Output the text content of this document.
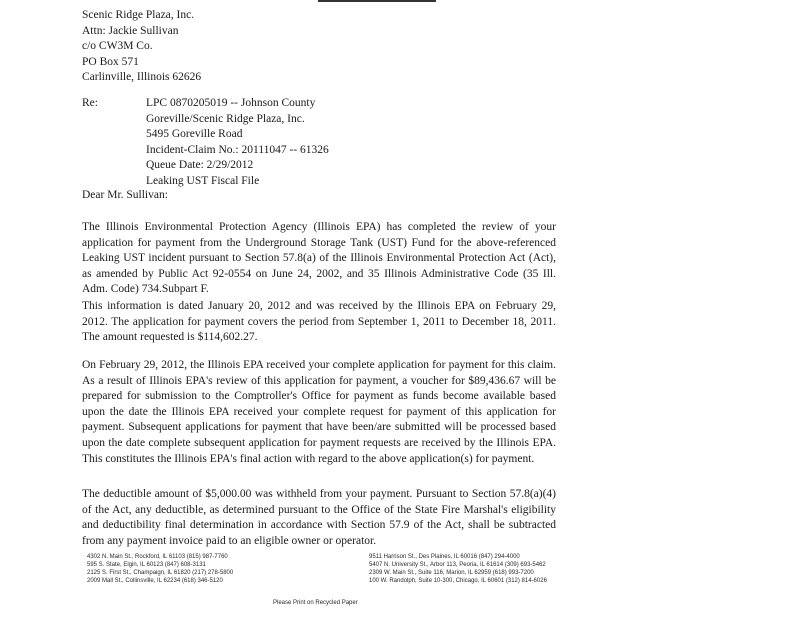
Scenic Ridge Plaza, Inc.
Attn: Jackie Sullivan
c/o CW3M Co.
PO Box 571
Carlinville, Illinois 62626
Re:	LPC 0870205019 -- Johnson County
Goreville/Scenic Ridge Plaza, Inc.
5495 Goreville Road
Incident-Claim No.: 20111047 -- 61326
Queue Date: 2/29/2012
Leaking UST Fiscal File
Dear Mr. Sullivan:

The Illinois Environmental Protection Agency (Illinois EPA) has completed the review of your application for payment from the Underground Storage Tank (UST) Fund for the above-referenced Leaking UST incident pursuant to Section 57.8(a) of the Illinois Environmental Protection Act (Act), as amended by Public Act 92-0554 on June 24, 2002, and 35 Illinois Administrative Code (35 Ill. Adm. Code) 734.Subpart F.

This information is dated January 20, 2012 and was received by the Illinois EPA on February 29, 2012. The application for payment covers the period from September 1, 2011 to December 18, 2011. The amount requested is $114,602.27.

On February 29, 2012, the Illinois EPA received your complete application for payment for this claim. As a result of Illinois EPA's review of this application for payment, a voucher for $89,436.67 will be prepared for submission to the Comptroller's Office for payment as funds become available based upon the date the Illinois EPA received your complete request for payment of this application for payment. Subsequent applications for payment that have been/are submitted will be processed based upon the date complete subsequent application for payment requests are received by the Illinois EPA. This constitutes the Illinois EPA's final action with regard to the above application(s) for payment.

The deductible amount of $5,000.00 was withheld from your payment. Pursuant to Section 57.8(a)(4) of the Act, any deductible, as determined pursuant to the Office of the State Fire Marshal's eligibility and deductibility final determination in accordance with Section 57.9 of the Act, shall be subtracted from any payment invoice paid to an eligible owner or operator.

4302 N. Main St., Rockford, IL 61103 (815) 987-7760
595 S. State, Elgin, IL 60123 (847) 608-3131
2125 S. First St., Champaign, IL 61820 (217) 278-5800
2009 Mall St., Collinsville, IL 62234 (618) 346-5120
9511 Harrison St., Des Plaines, IL 60016 (847) 294-4000
5407 N. University St., Arbor 113, Peoria, IL 61614 (309) 693-5462
2309 W. Main St., Suite 116, Marion, IL 62959 (618) 993-7200
100 W. Randolph, Suite 10-300, Chicago, IL 60601 (312) 814-6026
Please Print on Recycled Paper
